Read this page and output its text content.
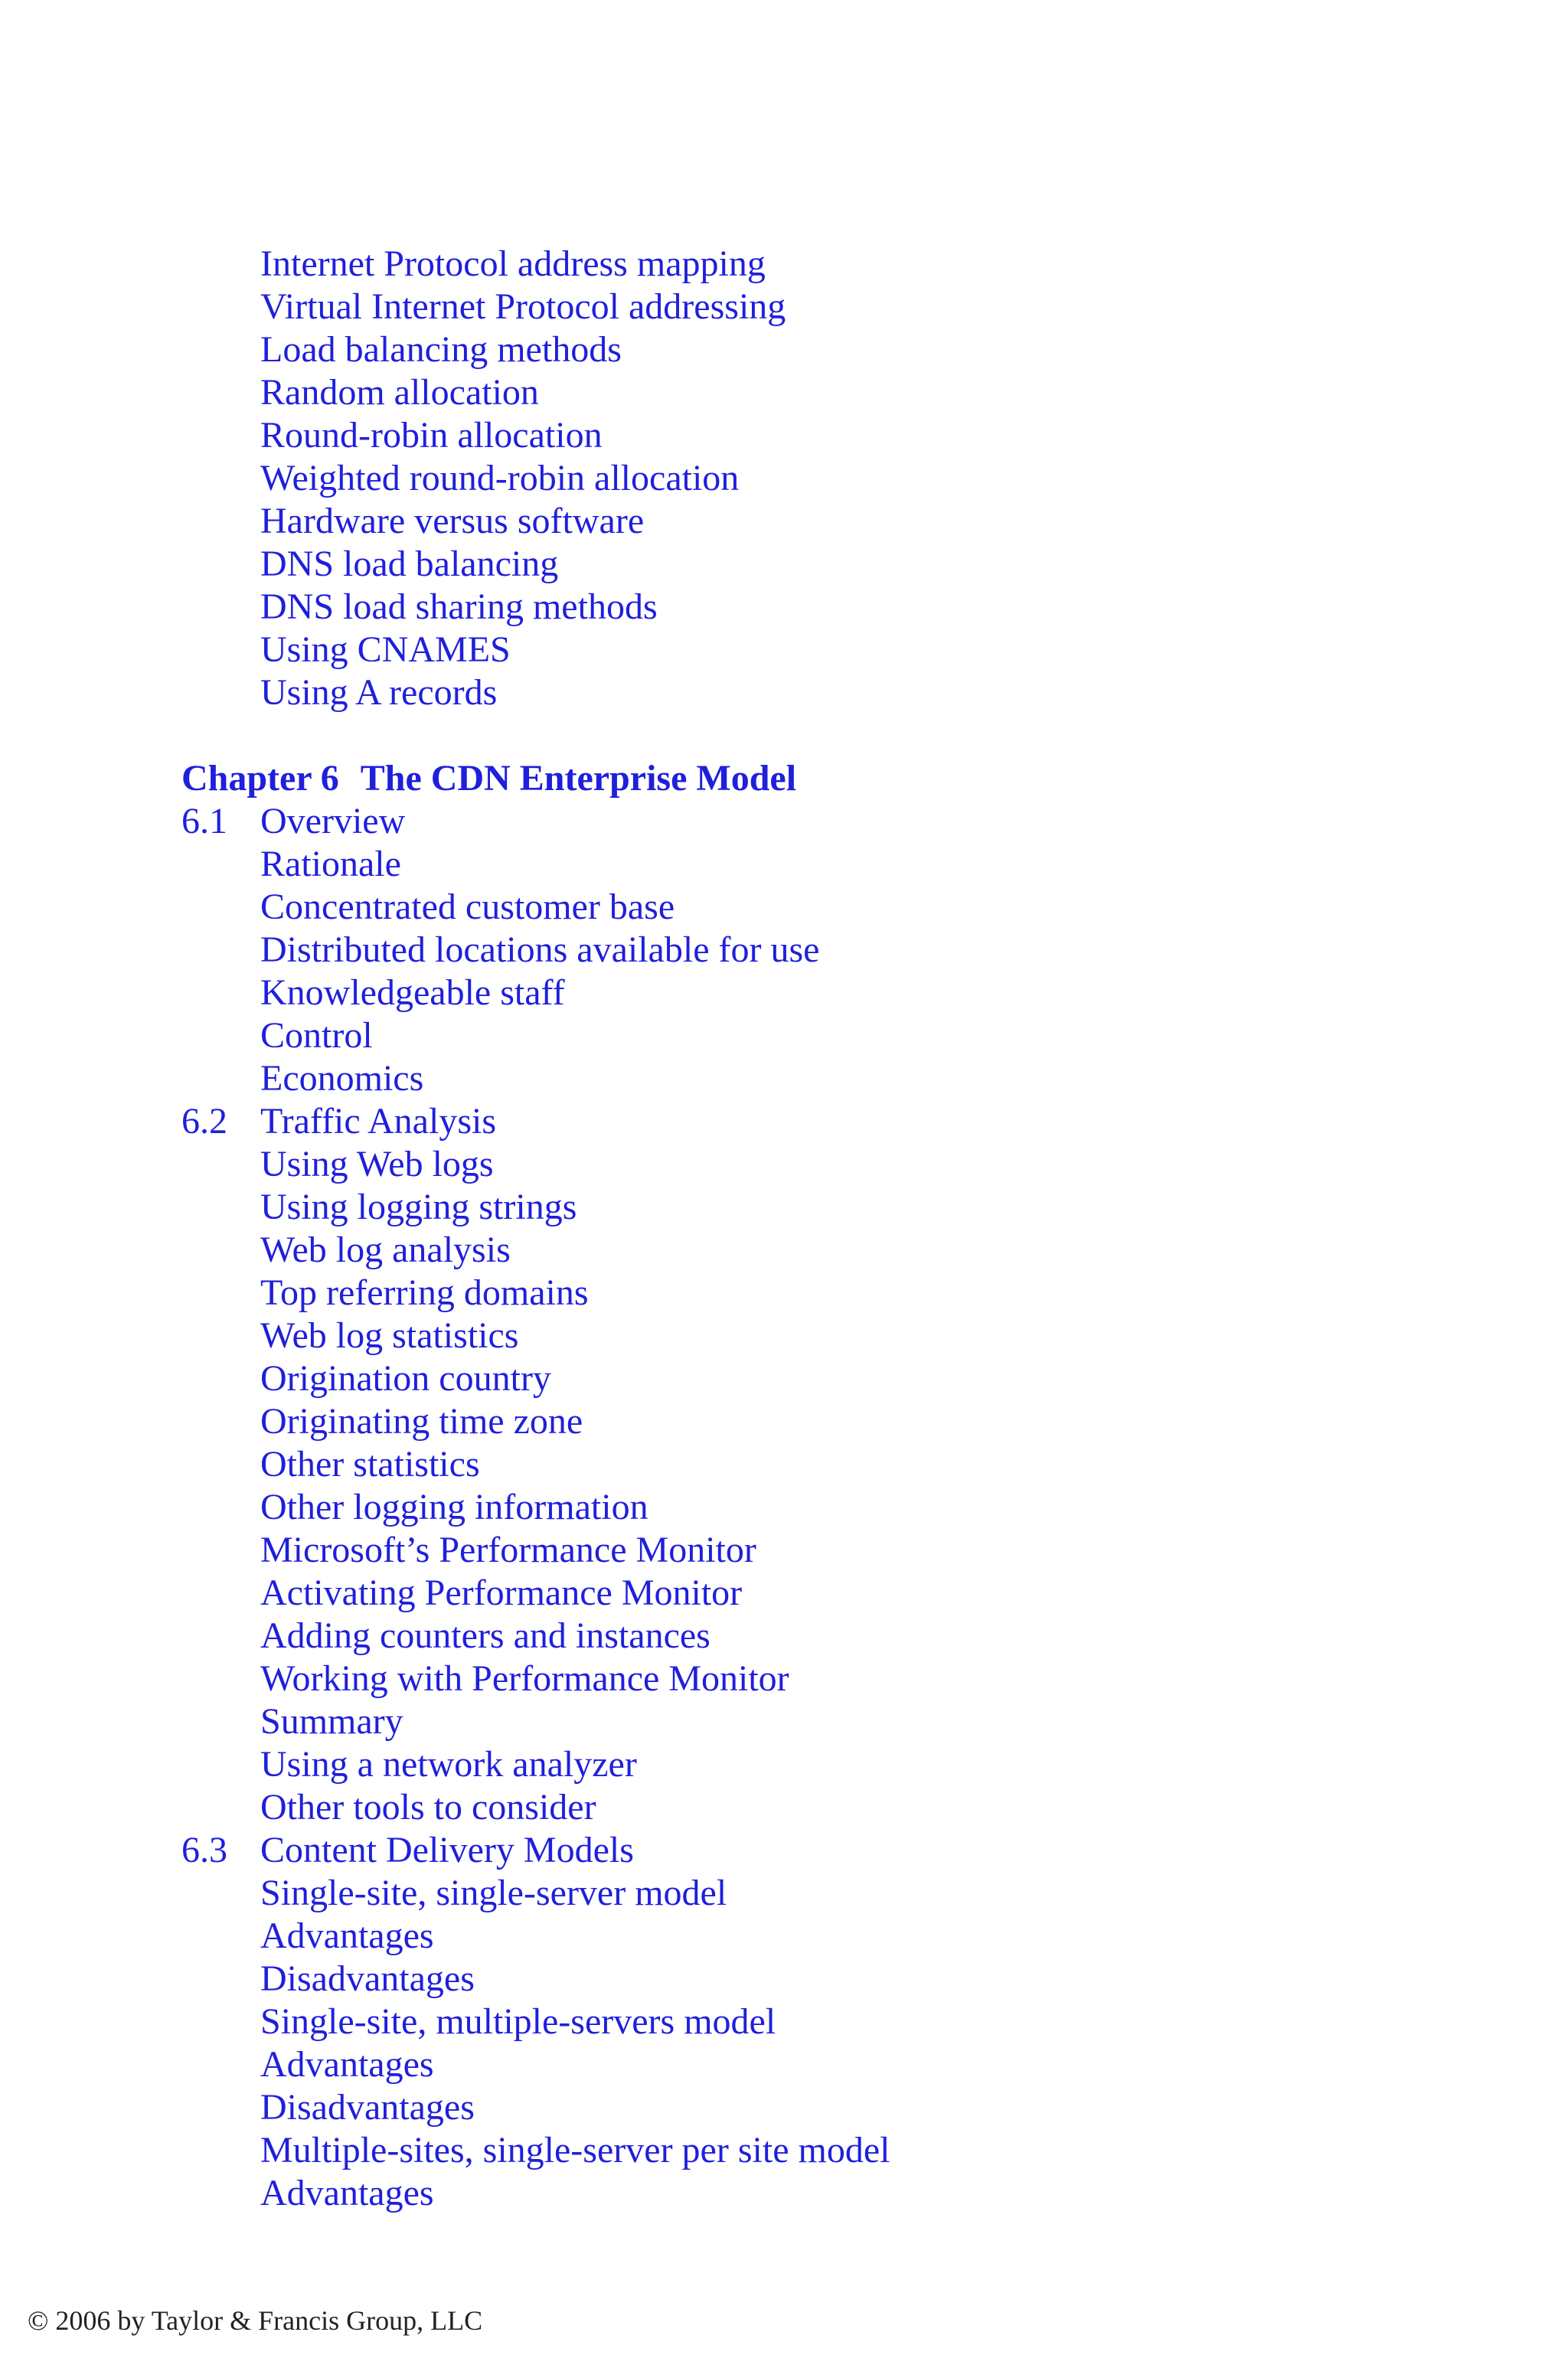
Internet Protocol address mapping
Virtual Internet Protocol addressing
Load balancing methods
Random allocation
Round-robin allocation
Weighted round-robin allocation
Hardware versus software
DNS load balancing
DNS load sharing methods
Using CNAMES
Using A records
Chapter 6 The CDN Enterprise Model
6.1 Overview
Rationale
Concentrated customer base
Distributed locations available for use
Knowledgeable staff
Control
Economics
6.2 Traffic Analysis
Using Web logs
Using logging strings
Web log analysis
Top referring domains
Web log statistics
Origination country
Originating time zone
Other statistics
Other logging information
Microsoft’s Performance Monitor
Activating Performance Monitor
Adding counters and instances
Working with Performance Monitor
Summary
Using a network analyzer
Other tools to consider
6.3 Content Delivery Models
Single-site, single-server model
Advantages
Disadvantages
Single-site, multiple-servers model
Advantages
Disadvantages
Multiple-sites, single-server per site model
Advantages
© 2006 by Taylor & Francis Group, LLC
